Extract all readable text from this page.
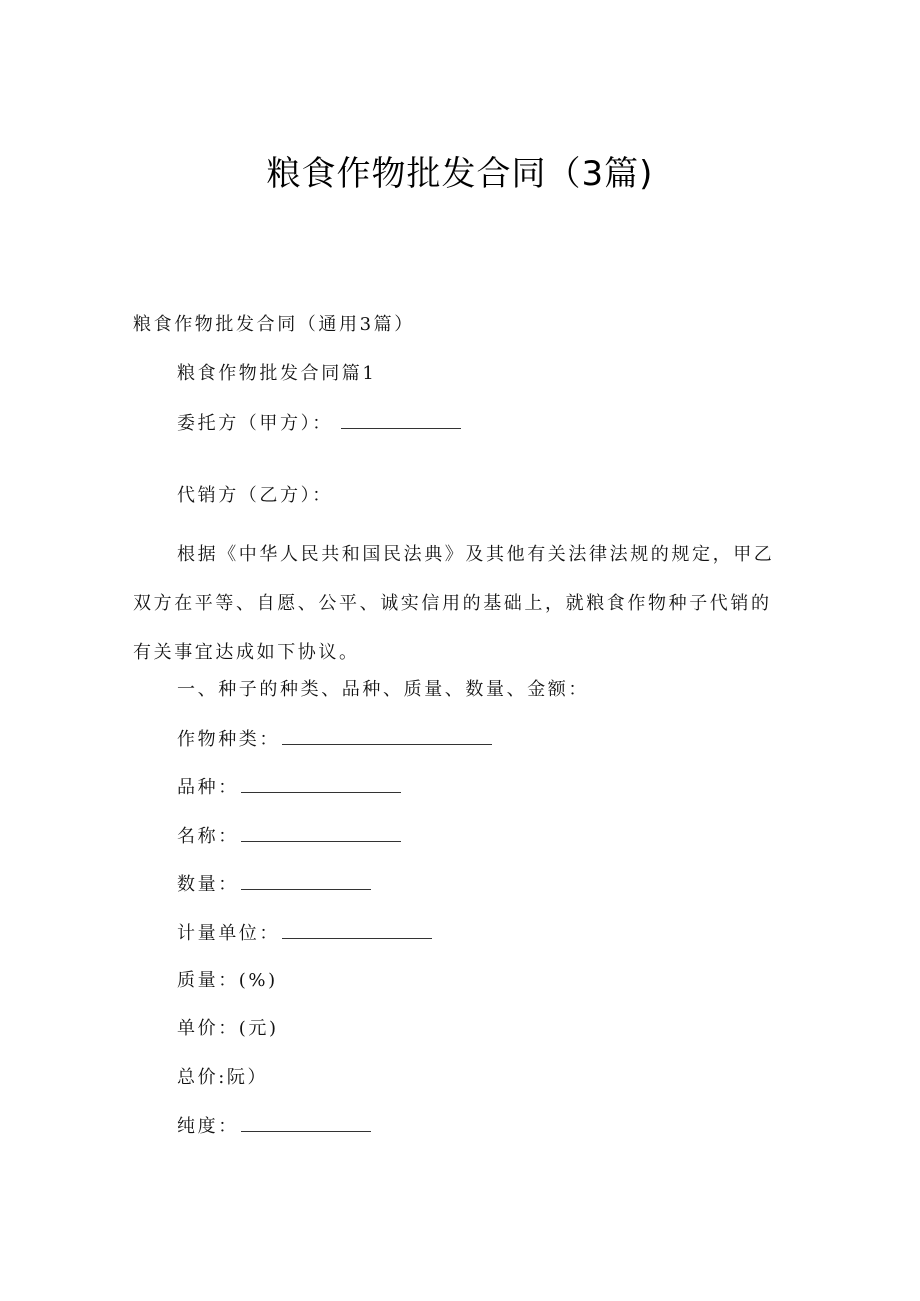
粮食作物批发合同（3篇)
粮食作物批发合同（通用3篇）
粮食作物批发合同篇1
委托方（甲方）：
代销方（乙方）：
根据《中华人民共和国民法典》及其他有关法律法规的规定，甲乙双方在平等、自愿、公平、诚实信用的基础上，就粮食作物种子代销的有关事宜达成如下协议。
一、种子的种类、品种、质量、数量、金额：
作物种类：
品种：
名称：
数量：
计量单位：
质量：(%)
单价：(元)
总价:阮）
纯度：
